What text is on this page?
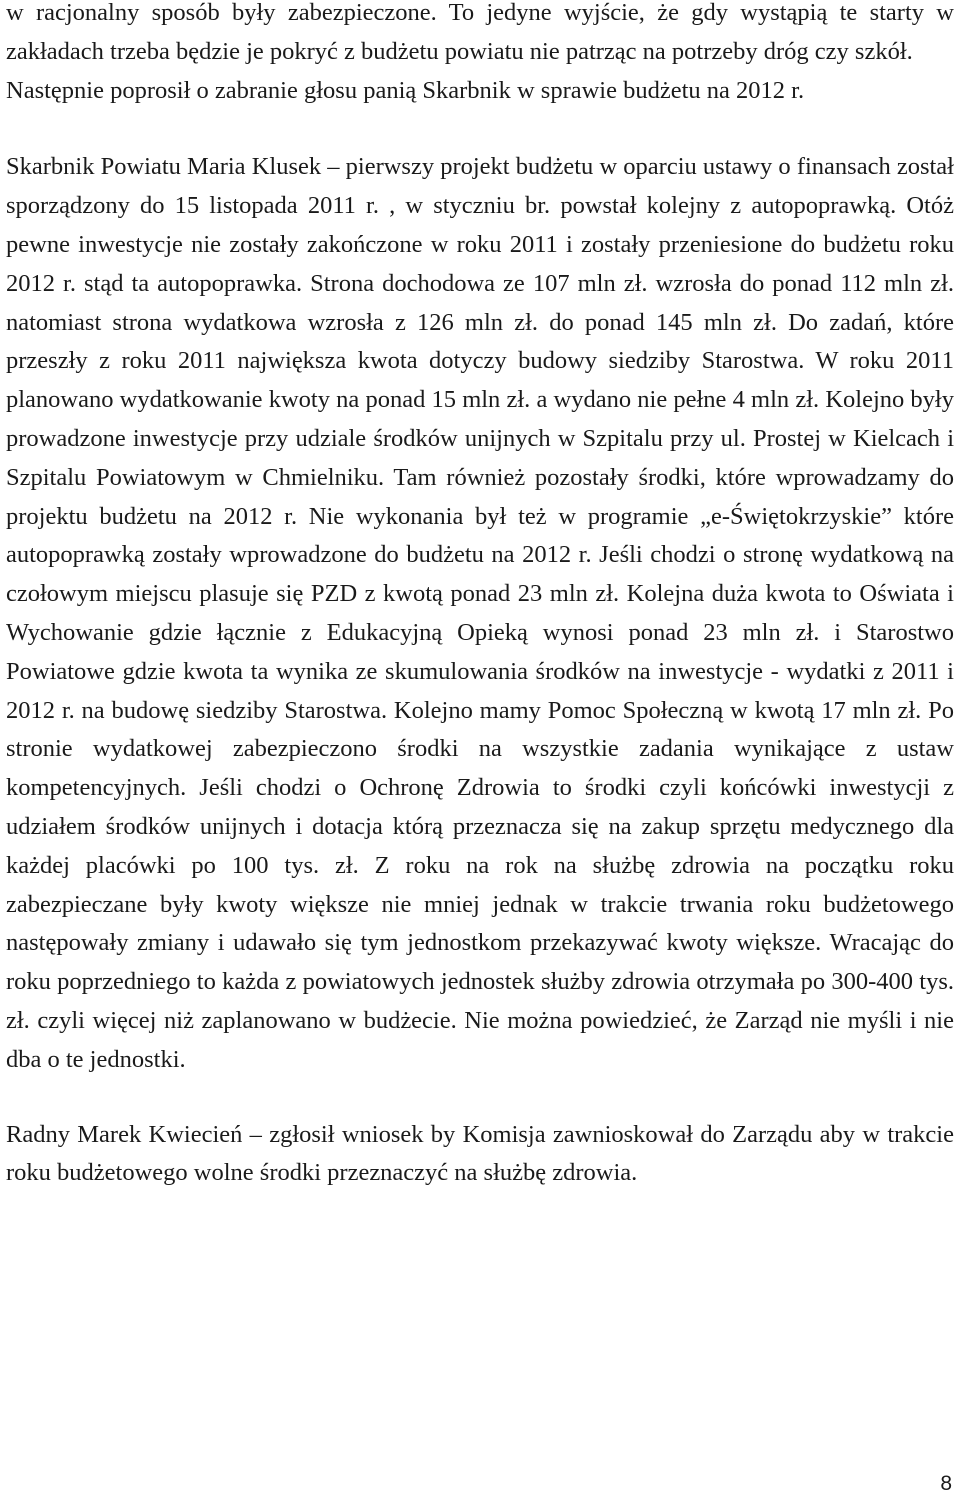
w racjonalny sposób były zabezpieczone. To jedyne wyjście, że gdy wystąpią te starty w zakładach trzeba będzie je pokryć z budżetu powiatu nie patrząc na potrzeby dróg czy szkół.

Następnie poprosił o zabranie głosu panią Skarbnik w sprawie budżetu na 2012 r.

Skarbnik Powiatu Maria Klusek – pierwszy projekt budżetu w oparciu ustawy o finansach został sporządzony do 15 listopada 2011 r. , w styczniu br. powstał kolejny z autopoprawką. Otóż pewne inwestycje nie zostały zakończone w roku 2011 i zostały przeniesione do budżetu roku 2012 r. stąd ta autopoprawka. Strona dochodowa ze 107 mln zł. wzrosła do ponad 112 mln zł. natomiast strona wydatkowa wzrosła z 126 mln zł. do ponad 145 mln zł. Do zadań, które przeszły z roku 2011 największa kwota dotyczy budowy siedziby Starostwa. W roku 2011 planowano wydatkowanie kwoty na ponad 15 mln zł. a wydano nie pełne 4 mln zł. Kolejno były prowadzone inwestycje przy udziale środków unijnych w Szpitalu przy ul. Prostej w Kielcach i Szpitalu Powiatowym w Chmielniku. Tam również pozostały środki, które wprowadzamy do projektu budżetu na 2012 r. Nie wykonania był też w programie „e-Świętokrzyskie” które autopoprawką zostały wprowadzone do budżetu na 2012 r. Jeśli chodzi o stronę wydatkową na czołowym miejscu plasuje się PZD z kwotą ponad 23 mln zł. Kolejna duża kwota to Oświata i Wychowanie gdzie łącznie z Edukacyjną Opieką wynosi ponad 23 mln zł. i Starostwo Powiatowe gdzie kwota ta wynika ze skumulowania środków na inwestycje - wydatki z 2011 i 2012 r. na budowę siedziby Starostwa. Kolejno mamy Pomoc Społeczną w kwotą 17 mln zł. Po stronie wydatkowej zabezpieczono środki na wszystkie zadania wynikające z ustaw kompetencyjnych. Jeśli chodzi o Ochronę Zdrowia to środki czyli końcówki inwestycji z udziałem środków unijnych i dotacja którą przeznacza się na zakup sprzętu medycznego dla każdej placówki po 100 tys. zł. Z roku na rok na służbę zdrowia na początku roku zabezpieczane były kwoty większe nie mniej jednak w trakcie trwania roku budżetowego następowały zmiany i udawało się tym jednostkom przekazywać kwoty większe. Wracając do roku poprzedniego to każda z powiatowych jednostek służby zdrowia otrzymała po 300-400 tys. zł. czyli więcej niż zaplanowano w budżecie. Nie można powiedzieć, że Zarząd nie myśli i nie dba o te jednostki.

Radny Marek Kwiecień – zgłosił wniosek by Komisja zawnioskował do Zarządu aby w trakcie roku budżetowego wolne środki przeznaczyć na służbę zdrowia.

8
